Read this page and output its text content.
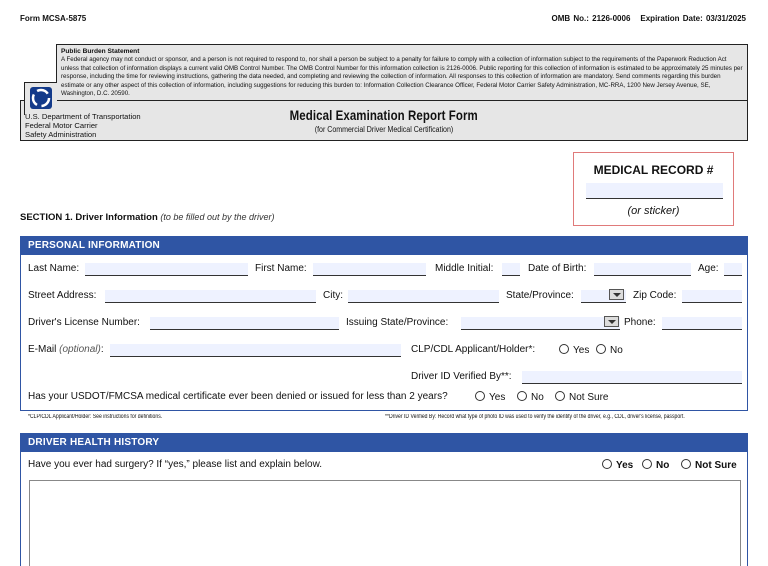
Form MCSA-5875	OMB No.: 2126-0006 Expiration Date: 03/31/2025
Public Burden Statement
A Federal agency may not conduct or sponsor, and a person is not required to respond to, nor shall a person be subject to a penalty for failure to comply with a collection of information subject to the requirements of the Paperwork Reduction Act unless that collection of information displays a current valid OMB Control Number. The OMB Control Number for this information collection is 2126-0006. Public reporting for this collection of information is estimated to be approximately 25 minutes per response, including the time for reviewing instructions, gathering the data needed, and completing and reviewing the collection of information. All responses to this collection of information are mandatory. Send comments regarding this burden estimate or any other aspect of this collection of information, including suggestions for reducing this burden to: Information Collection Clearance Officer, Federal Motor Carrier Safety Administration, MC-RRA, 1200 New Jersey Avenue, SE, Washington, D.C. 20590.
U.S. Department of Transportation
Federal Motor Carrier
Safety Administration
Medical Examination Report Form
(for Commercial Driver Medical Certification)
MEDICAL RECORD #
(or sticker)
SECTION 1. Driver Information (to be filled out by the driver)
PERSONAL INFORMATION
Last Name:	First Name:	Middle Initial:	Date of Birth:	Age:
Street Address:	City:	State/Province:	Zip Code:
Driver's License Number:	Issuing State/Province:	Phone:
E-Mail (optional):	CLP/CDL Applicant/Holder*:	Yes	No
Driver ID Verified By**:
Has your USDOT/FMCSA medical certificate ever been denied or issued for less than 2 years?	Yes	No	Not Sure
*CLP/CDL Applicant/Holder: See instructions for definitions.	**Driver ID Verified By: Record what type of photo ID was used to verify the identity of the driver, e.g., CDL, driver's license, passport.
DRIVER HEALTH HISTORY
Have you ever had surgery? If “yes,” please list and explain below.	Yes	No	Not Sure
